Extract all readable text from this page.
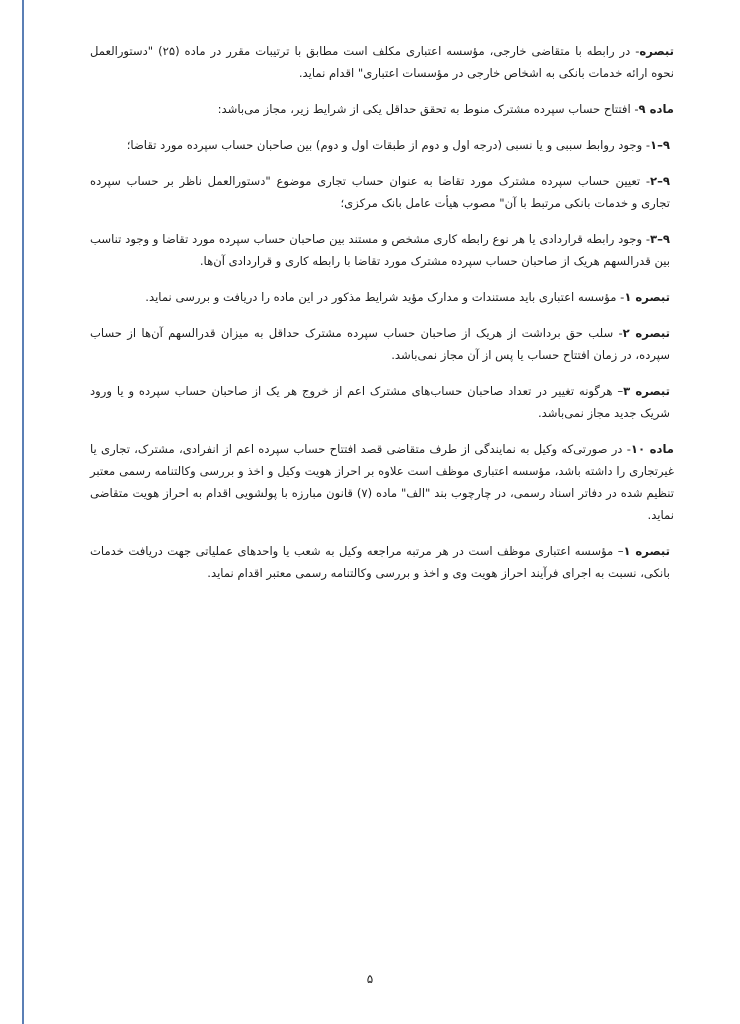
تبصره- در رابطه با متقاضی خارجی، مؤسسه اعتباری مکلف است مطابق با ترتیبات مقرر در ماده (۲۵) "دستورالعمل نحوه ارائه خدمات بانکی به اشخاص خارجی در مؤسسات اعتباری" اقدام نماید.

ماده ۹- افتتاح حساب سپرده مشترک منوط به تحقق حداقل یکی از شرایط زیر، مجاز می‌باشد:

۹–۱- وجود روابط سببی و یا نسبی (درجه اول و دوم از طبقات اول و دوم) بین صاحبان حساب سپرده مورد تقاضا؛

۹–۲- تعیین حساب سپرده مشترک مورد تقاضا به عنوان حساب تجاری موضوع "دستورالعمل ناظر بر حساب سپرده تجاری و خدمات بانکی مرتبط با آن" مصوب هیأت عامل بانک مرکزی؛

۹–۳- وجود رابطه قراردادی یا هر نوع رابطه کاری مشخص و مستند بین صاحبان حساب سپرده مورد تقاضا و وجود تناسب بین قدرالسهم هریک از صاحبان حساب سپرده مشترک مورد تقاضا با رابطه کاری و قراردادی آن‌ها.

تبصره ۱- مؤسسه اعتباری باید مستندات و مدارک مؤید شرایط مذکور در این ماده را دریافت و بررسی نماید.

تبصره ۲- سلب حق برداشت از هریک از صاحبان حساب سپرده مشترک حداقل به میزان قدرالسهم آن‌ها از حساب سپرده، در زمان افتتاح حساب یا پس از آن مجاز نمی‌باشد.

تبصره ۳– هرگونه تغییر در تعداد صاحبان حساب‌های مشترک اعم از خروج هر یک از صاحبان حساب سپرده و یا ورود شریک جدید مجاز نمی‌باشد.

ماده ۱۰- در صورتی‌که وکیل به نمایندگی از طرف متقاضی قصد افتتاح حساب سپرده اعم از انفرادی، مشترک، تجاری یا غیرتجاری را داشته باشد، مؤسسه اعتباری موظف است علاوه بر احراز هویت وکیل و اخذ و بررسی وکالتنامه رسمی معتبر تنظیم شده در دفاتر اسناد رسمی، در چارچوب بند "الف" ماده (۷) قانون مبارزه با پولشویی اقدام به احراز هویت متقاضی نماید.

تبصره ۱– مؤسسه اعتباری موظف است در هر مرتبه مراجعه وکیل به شعب یا واحدهای عملیاتی جهت دریافت خدمات بانکی، نسبت به اجرای فرآیند احراز هویت وی و اخذ و بررسی وکالتنامه رسمی معتبر اقدام نماید.

۵
